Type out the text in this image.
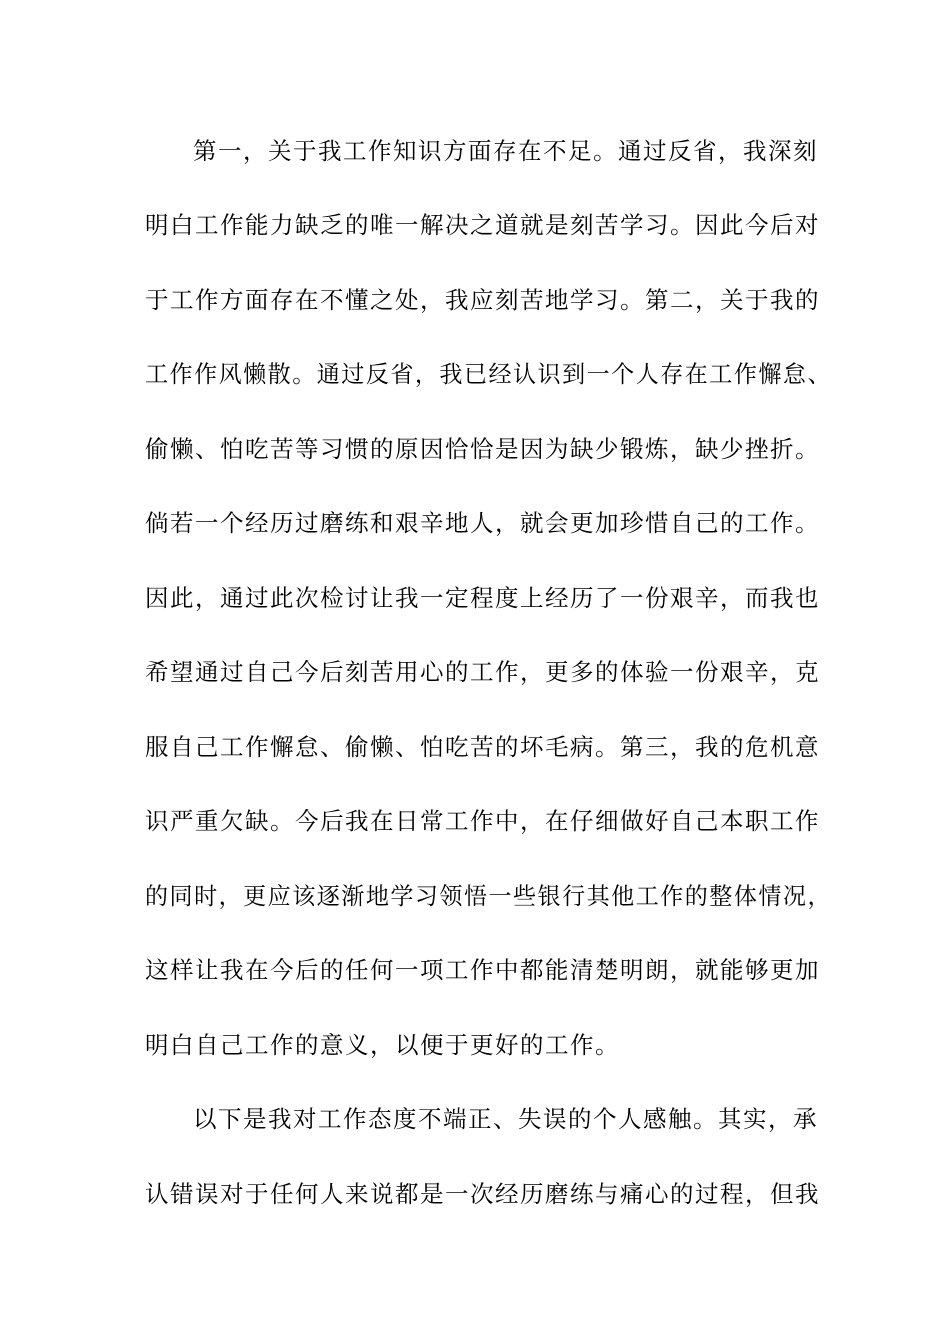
第一，关于我工作知识方面存在不足。通过反省，我深刻
明白工作能力缺乏的唯一解决之道就是刻苦学习。因此今后对
于工作方面存在不懂之处，我应刻苦地学习。第二，关于我的
工作作风懒散。通过反省，我已经认识到一个人存在工作懈怠、
偷懒、怕吃苦等习惯的原因恰恰是因为缺少锻炼，缺少挫折。
倘若一个经历过磨练和艰辛地人，就会更加珍惜自己的工作。
因此，通过此次检讨让我一定程度上经历了一份艰辛，而我也
希望通过自己今后刻苦用心的工作，更多的体验一份艰辛，克
服自己工作懈怠、偷懒、怕吃苦的坏毛病。第三，我的危机意
识严重欠缺。今后我在日常工作中，在仔细做好自己本职工作
的同时，更应该逐渐地学习领悟一些银行其他工作的整体情况，
这样让我在今后的任何一项工作中都能清楚明朗，就能够更加
明白自己工作的意义，以便于更好的工作。
以下是我对工作态度不端正、失误的个人感触。其实，承
认错误对于任何人来说都是一次经历磨练与痛心的过程，但我
